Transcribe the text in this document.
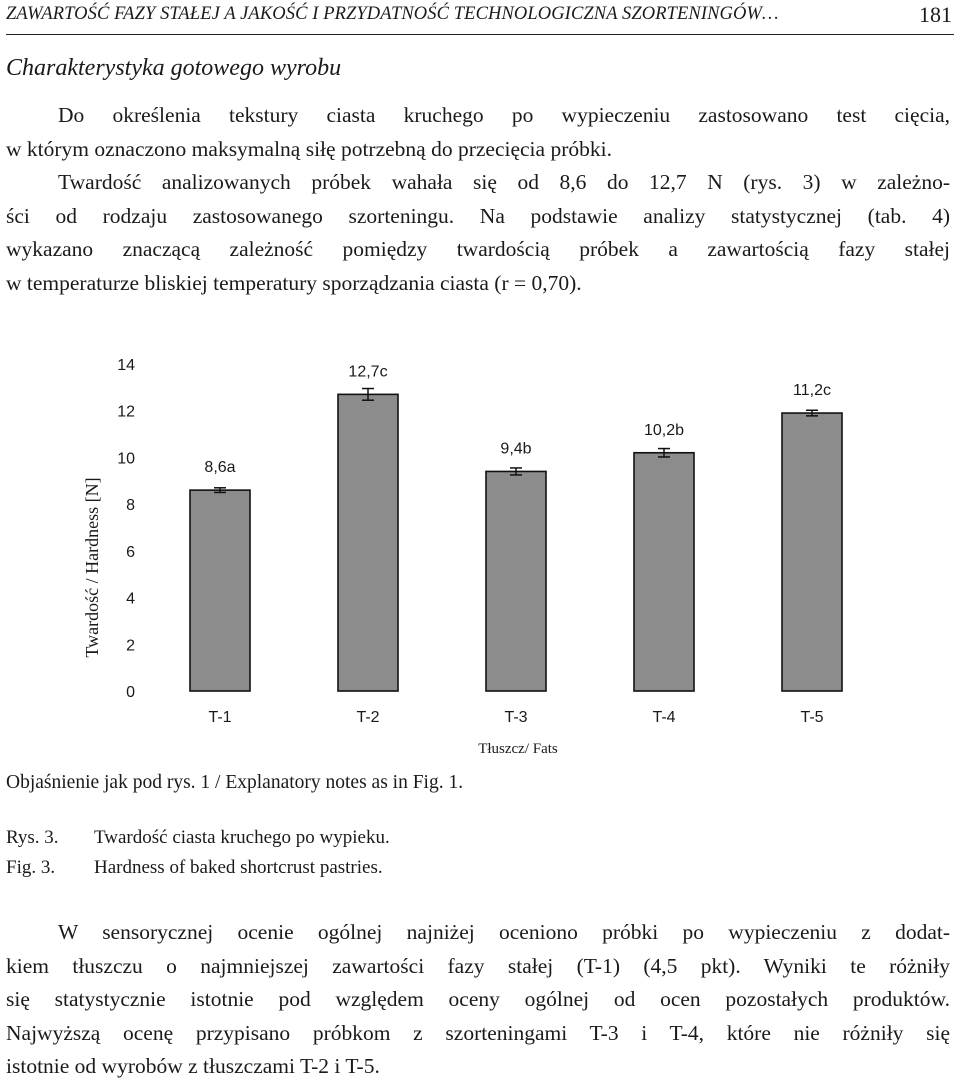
ZAWARTOŚĆ FAZY STAŁEJ A JAKOŚĆ I PRZYDATNOŚĆ TECHNOLOGICZNA SZORTENINGÓW…	181
Charakterystyka gotowego wyrobu
Do określenia tekstury ciasta kruchego po wypieczeniu zastosowano test cięcia,
w którym oznaczono maksymalną siłę potrzebną do przecięcia próbki.
Twardość analizowanych próbek wahała się od 8,6 do 12,7 N (rys. 3) w zależno-
ści od rodzaju zastosowanego szorteningu. Na podstawie analizy statystycznej (tab. 4)
wykazano znaczącą zależność pomiędzy twardością próbek a zawartością fazy stałej
w temperaturze bliskiej temperatury sporządzania ciasta (r = 0,70).
0
2
4
6
8
10
12
14
Twardość / Hardness [N]
8,6a
T-1
12,7c
T-2
9,4b
T-3
10,2b
T-4
11,2c
T-5
Tłuszcz/ Fats
Objaśnienie jak pod rys. 1 / Explanatory notes as in Fig. 1.
Rys. 3. Twardość ciasta kruchego po wypieku.
Fig. 3. Hardness of baked shortcrust pastries.
W sensorycznej ocenie ogólnej najniżej oceniono próbki po wypieczeniu z dodat-
kiem tłuszczu o najmniejszej zawartości fazy stałej (T-1) (4,5 pkt). Wyniki te różniły
się statystycznie istotnie pod względem oceny ogólnej od ocen pozostałych produktów.
Najwyższą ocenę przypisano próbkom z szorteningami T-3 i T-4, które nie różniły się
istotnie od wyrobów z tłuszczami T-2 i T-5.
